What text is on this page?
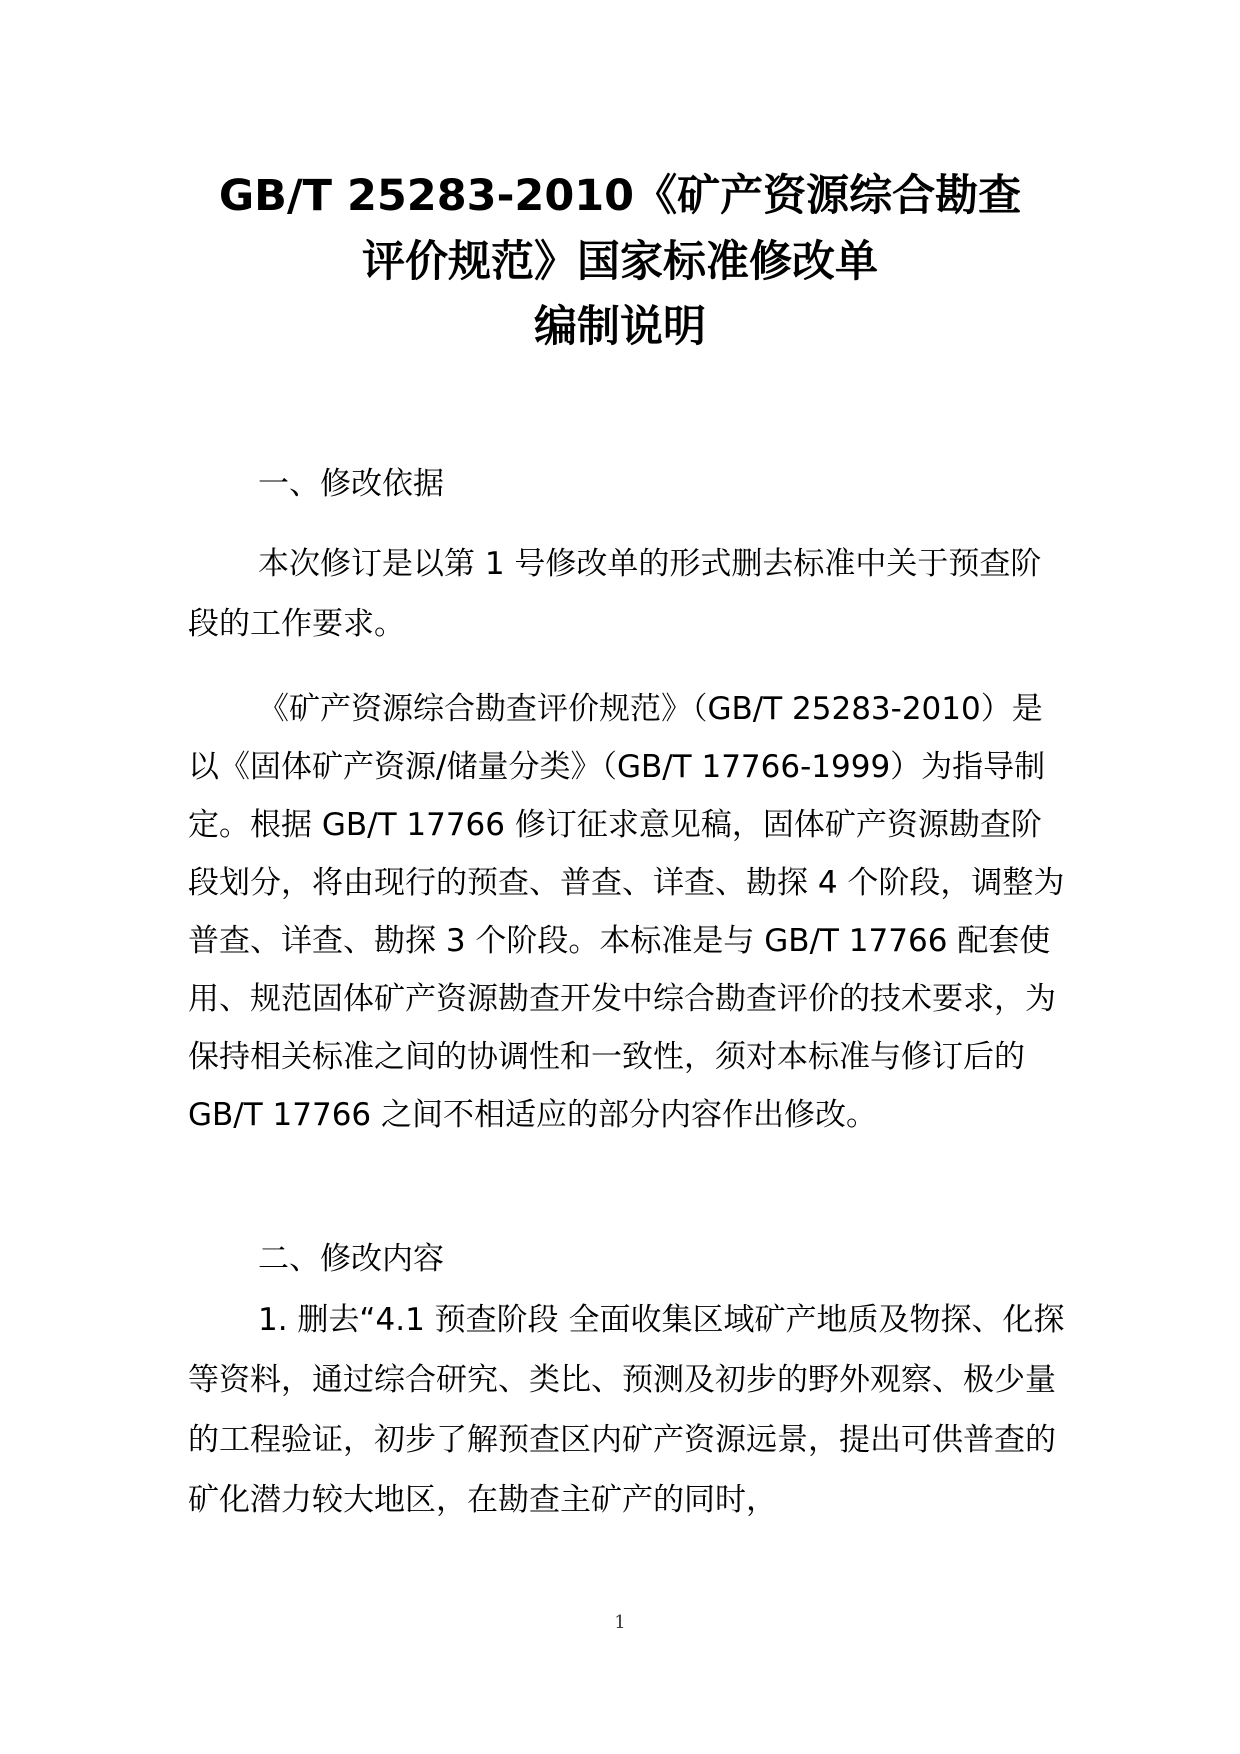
GB/T 25283-2010《矿产资源综合勘查
评价规范》国家标准修改单
编制说明

一、修改依据

本次修订是以第 1 号修改单的形式删去标准中关于预查阶段的工作要求。

《矿产资源综合勘查评价规范》（GB/T 25283-2010）是以《固体矿产资源/储量分类》（GB/T 17766-1999）为指导制定。根据 GB/T 17766 修订征求意见稿，固体矿产资源勘查阶段划分，将由现行的预查、普查、详查、勘探 4 个阶段，调整为普查、详查、勘探 3 个阶段。本标准是与 GB/T 17766 配套使用、规范固体矿产资源勘查开发中综合勘查评价的技术要求，为保持相关标准之间的协调性和一致性，须对本标准与修订后的 GB/T 17766 之间不相适应的部分内容作出修改。

二、修改内容

1. 删去“4.1 预查阶段 全面收集区域矿产地质及物探、化探等资料，通过综合研究、类比、预测及初步的野外观察、极少量的工程验证，初步了解预查区内矿产资源远景，提出可供普查的矿化潜力较大地区，在勘查主矿产的同时，

1
